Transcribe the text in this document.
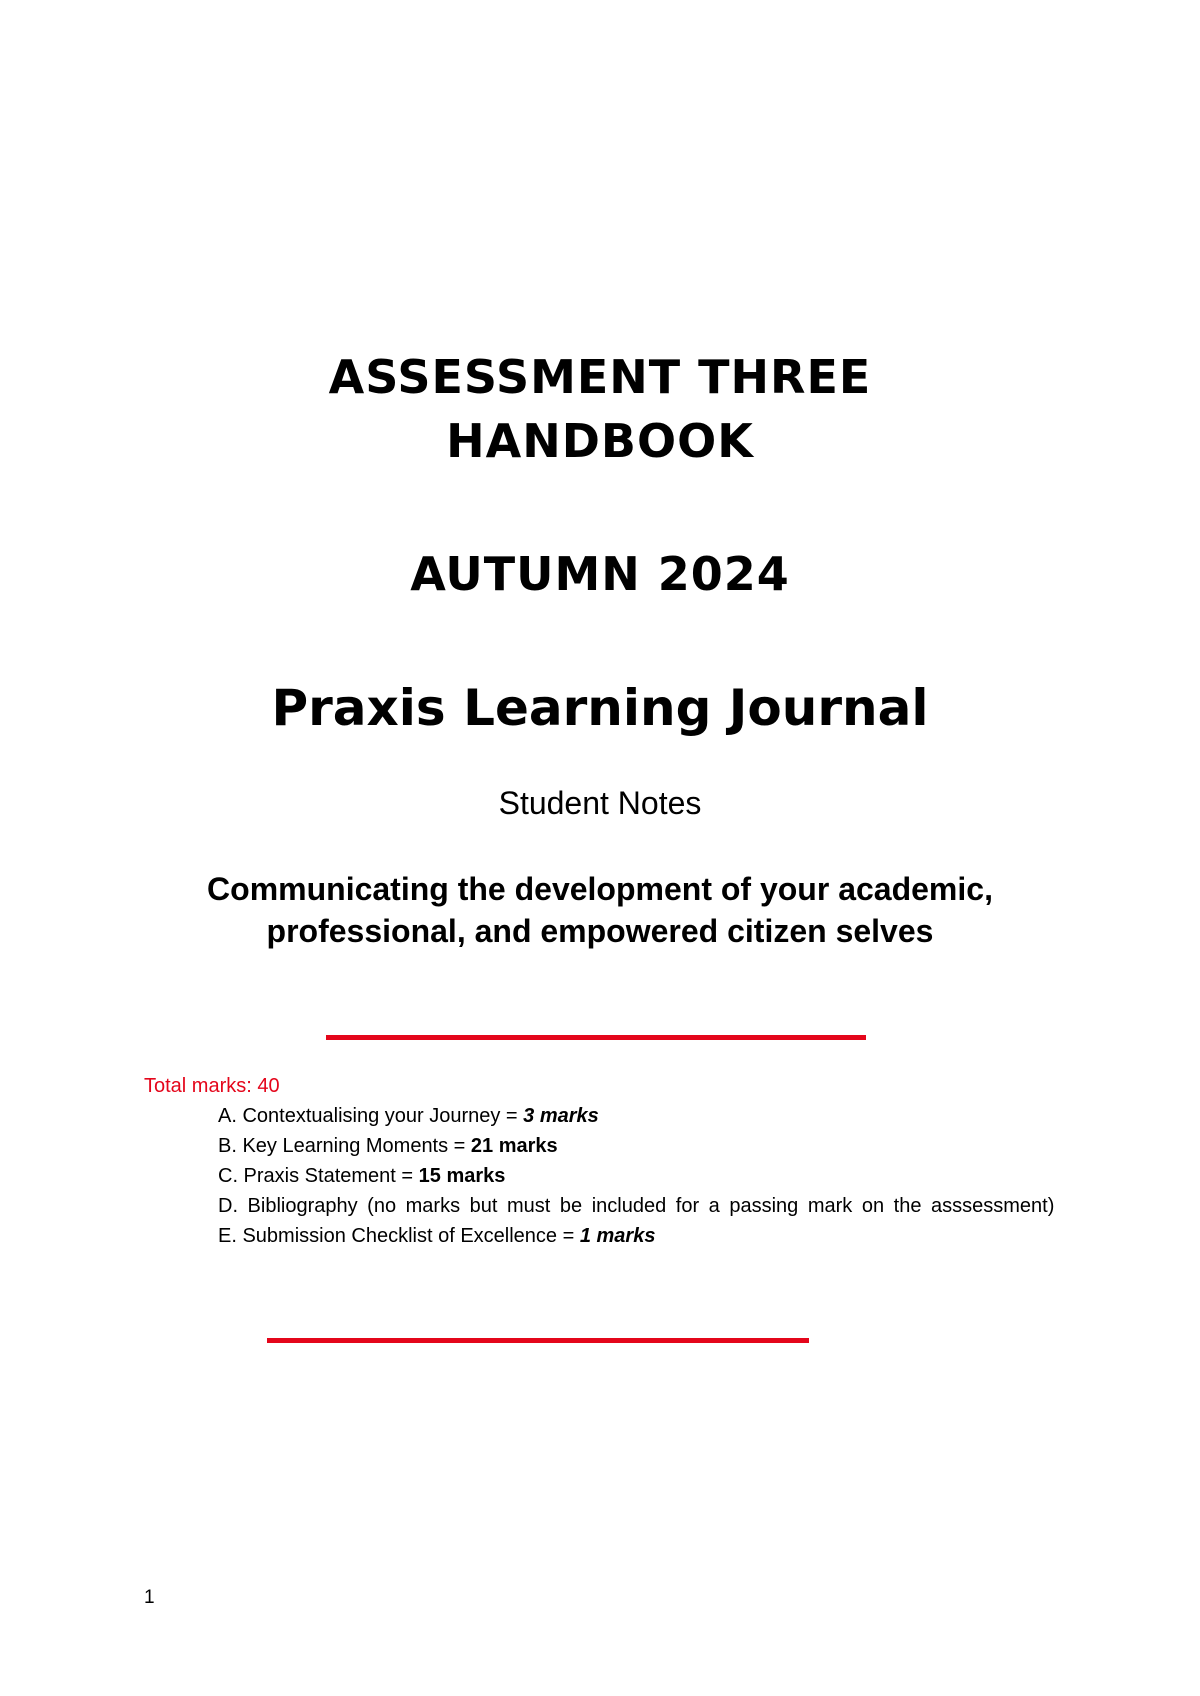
ASSESSMENT THREE
HANDBOOK
AUTUMN 2024
Praxis Learning Journal
Student Notes
Communicating the development of your academic,
professional, and empowered citizen selves
Total marks: 40
A. Contextualising your Journey = 3 marks
B. Key Learning Moments = 21 marks
C. Praxis Statement = 15 marks
D. Bibliography (no marks but must be included for a passing mark on the asssessment)
E. Submission Checklist of Excellence = 1 marks
1
